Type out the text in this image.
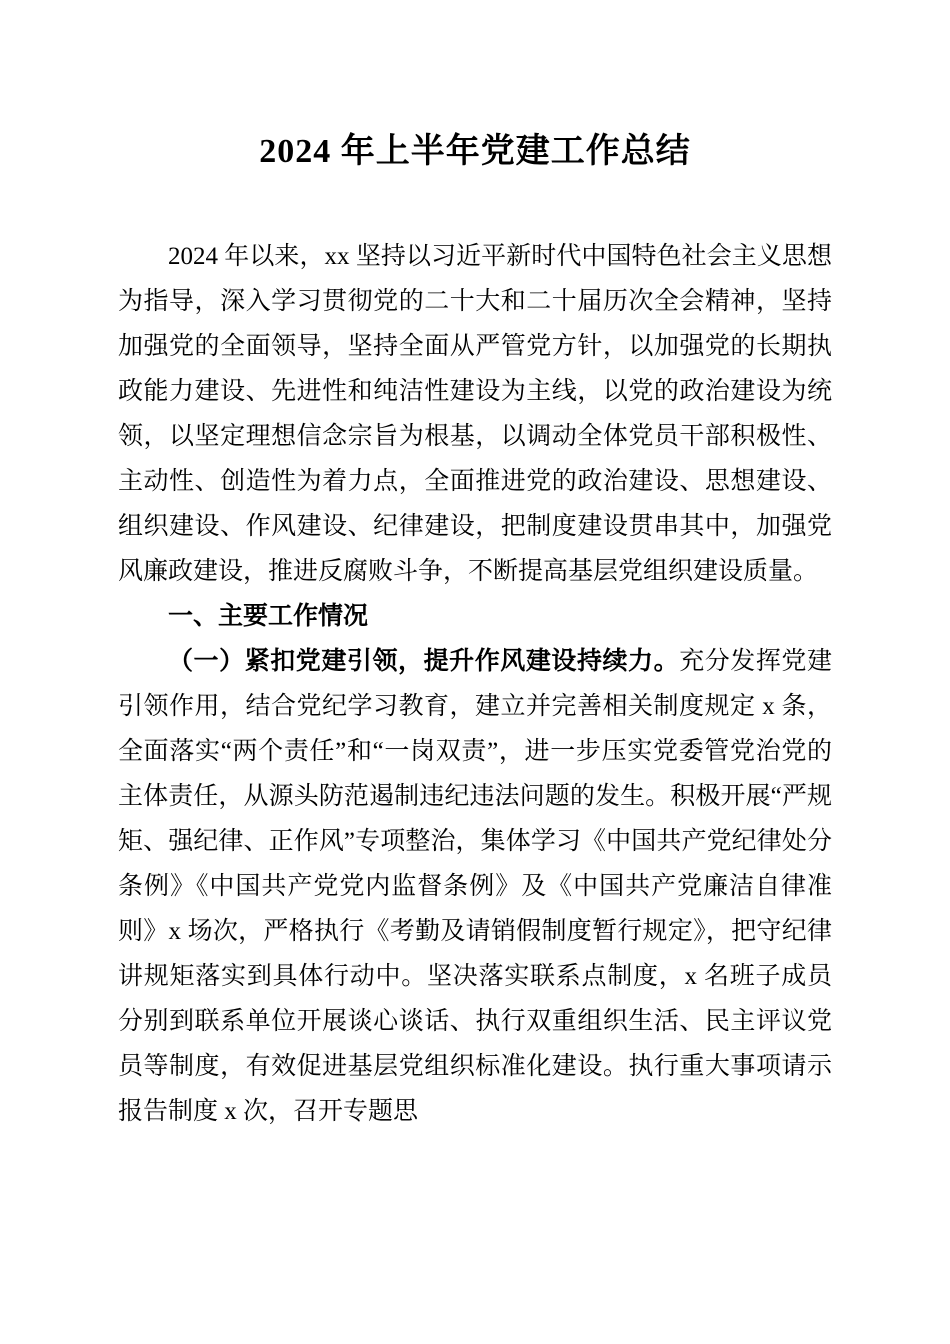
2024 年上半年党建工作总结

2024 年以来，xx 坚持以习近平新时代中国特色社会主义思想为指导，深入学习贯彻党的二十大和二十届历次全会精神，坚持加强党的全面领导，坚持全面从严管党方针，以加强党的长期执政能力建设、先进性和纯洁性建设为主线，以党的政治建设为统领，以坚定理想信念宗旨为根基，以调动全体党员干部积极性、主动性、创造性为着力点，全面推进党的政治建设、思想建设、组织建设、作风建设、纪律建设，把制度建设贯串其中，加强党风廉政建设，推进反腐败斗争，不断提高基层党组织建设质量。

一、主要工作情况

（一）紧扣党建引领，提升作风建设持续力。充分发挥党建引领作用，结合党纪学习教育，建立并完善相关制度规定 x 条，全面落实“两个责任”和“一岗双责”，进一步压实党委管党治党的主体责任，从源头防范遏制违纪违法问题的发生。积极开展“严规矩、强纪律、正作风”专项整治，集体学习《中国共产党纪律处分条例》《中国共产党党内监督条例》及《中国共产党廉洁自律准则》x 场次，严格执行《考勤及请销假制度暂行规定》，把守纪律讲规矩落实到具体行动中。坚决落实联系点制度，x 名班子成员分别到联系单位开展谈心谈话、执行双重组织生活、民主评议党员等制度，有效促进基层党组织标准化建设。执行重大事项请示报告制度 x 次，召开专题思
